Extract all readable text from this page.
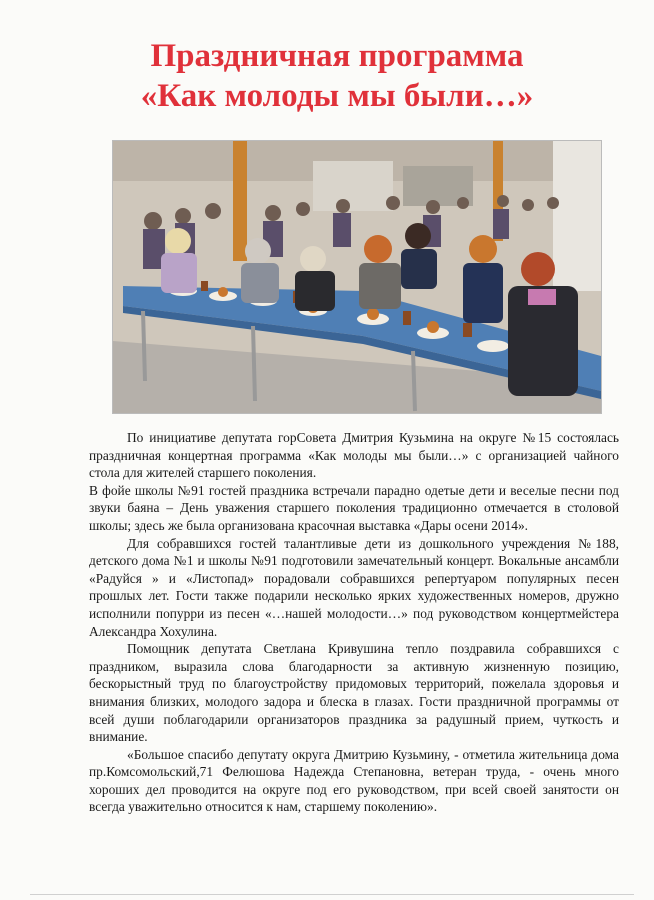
Праздничная программа
«Как молоды мы были…»

По инициативе депутата горСовета Дмитрия Кузьмина на округе №15 состоялась праздничная концертная программа «Как молоды мы были…» с организацией чайного стола для жителей старшего поколения.

В фойе школы №91 гостей праздника встречали парадно одетые дети и веселые песни под звуки баяна – День уважения старшего поколения традиционно отмечается в столовой школы; здесь же была организована красочная выставка «Дары осени 2014».

Для собравшихся гостей талантливые дети из дошкольного учреждения №188, детского дома №1 и школы №91 подготовили замечательный концерт. Вокальные ансамбли «Радуйся » и «Листопад» порадовали собравшихся репертуаром популярных песен прошлых лет. Гости также подарили несколько ярких художественных номеров, дружно исполнили попурри из песен «…нашей молодости…» под руководством концертмейстера Александра Хохулина.

Помощник депутата Светлана Кривушина тепло поздравила собравшихся с праздником, выразила слова благодарности за активную жизненную позицию, бескорыстный труд по благоустройству придомовых территорий, пожелала здоровья и внимания близких, молодого задора и блеска в глазах. Гости праздничной программы от всей души поблагодарили организаторов праздника за радушный прием, чуткость и внимание.

«Большое спасибо депутату округа Дмитрию Кузьмину, - отметила жительница дома пр.Комсомольский,71 Фелюшова Надежда Степановна, ветеран труда, - очень много хороших дел проводится на округе под его руководством, при всей своей занятости он всегда уважительно относится к нам, старшему поколению».
